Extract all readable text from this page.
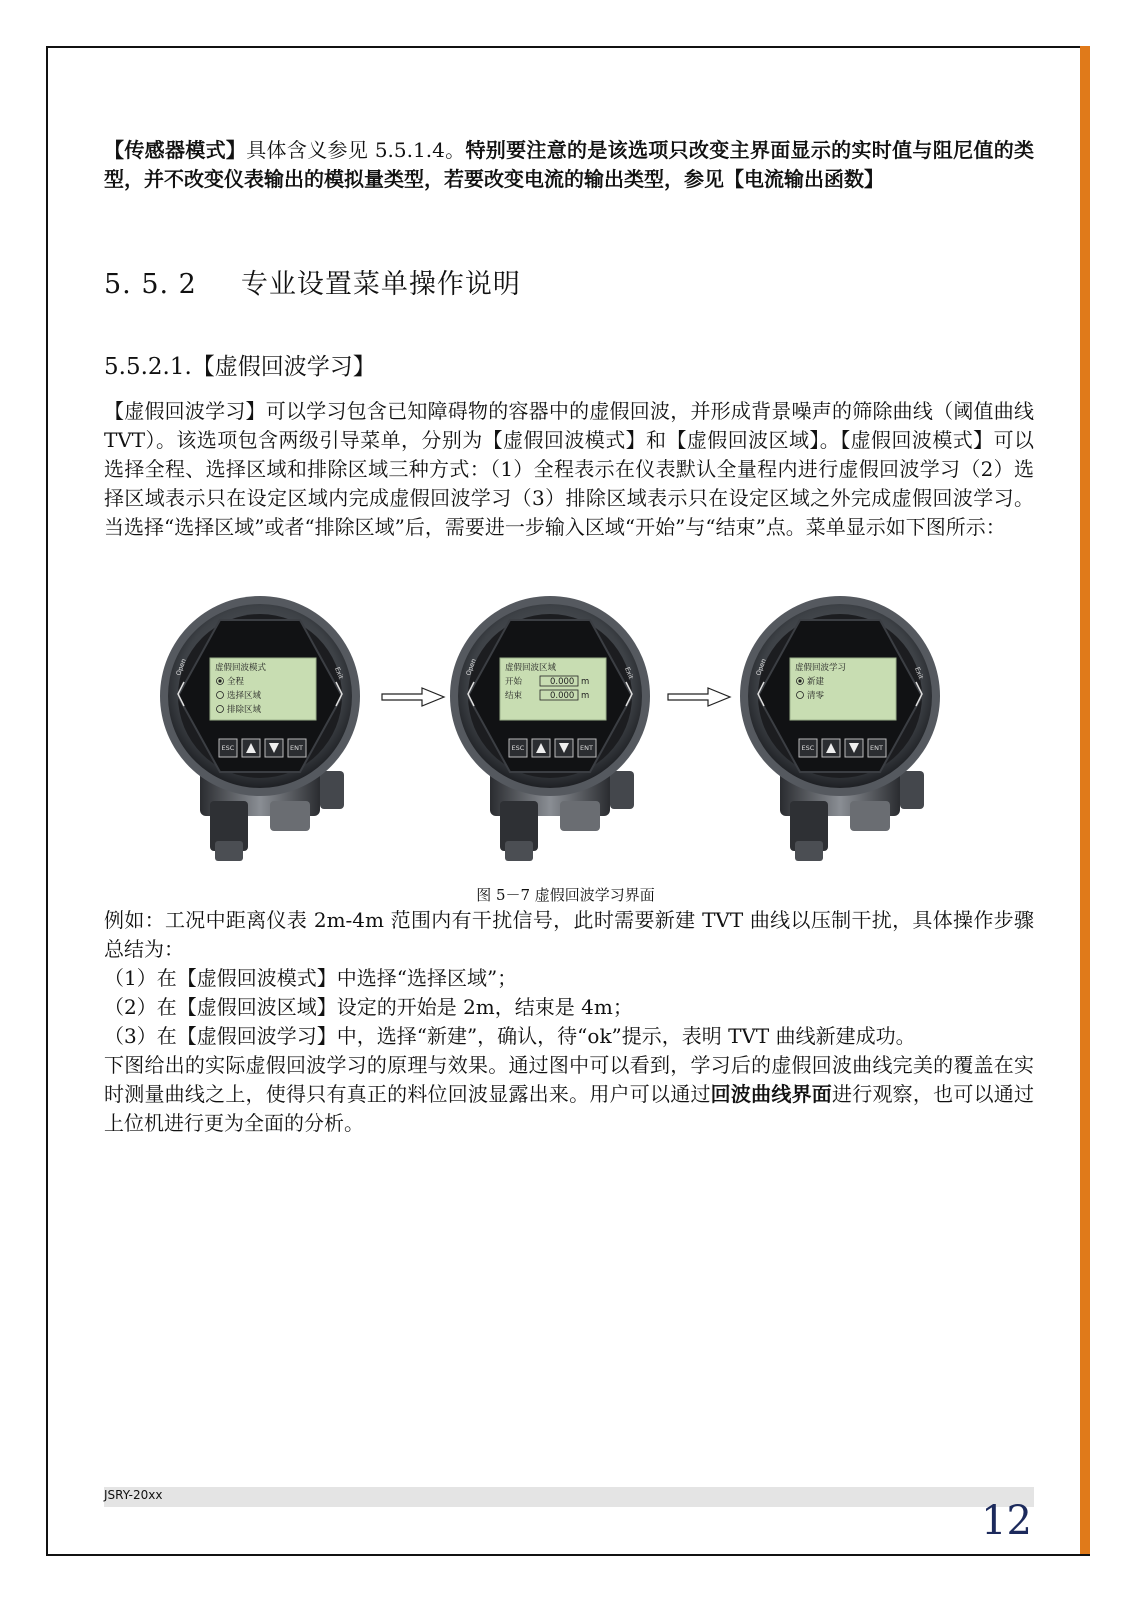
【传感器模式】具体含义参见 5.5.1.4。特别要注意的是该选项只改变主界面显示的实时值与阻尼值的类型，并不改变仪表输出的模拟量类型，若要改变电流的输出类型，参见【电流输出函数】

5. 5. 2 专业设置菜单操作说明
5.5.2.1.【虚假回波学习】

【虚假回波学习】可以学习包含已知障碍物的容器中的虚假回波，并形成背景噪声的筛除曲线（阈值曲线 TVT）。该选项包含两级引导菜单，分别为【虚假回波模式】和【虚假回波区域】。【虚假回波模式】可以选择全程、选择区域和排除区域三种方式：（1）全程表示在仪表默认全量程内进行虚假回波学习（2）选择区域表示只在设定区域内完成虚假回波学习（3）排除区域表示只在设定区域之外完成虚假回波学习。当选择“选择区域”或者“排除区域”后，需要进一步输入区域“开始”与“结束”点。菜单显示如下图所示：

虚假回波模式
全程
选择区域
排除区域
ESC	ENT
Open	Exit	虚假回波区域
开始	0.000 m
结束	0.000 m
ESC	ENT
Open	Exit	虚假回波学习
新建
清零
ESC	ENT
Open	Exit
图 5－7 虚假回波学习界面

例如：工况中距离仪表 2m-4m 范围内有干扰信号，此时需要新建 TVT 曲线以压制干扰，具体操作步骤总结为：

（1）在【虚假回波模式】中选择“选择区域”；

（2）在【虚假回波区域】设定的开始是 2m，结束是 4m；

（3）在【虚假回波学习】中，选择“新建”，确认，待“ok”提示，表明 TVT 曲线新建成功。

下图给出的实际虚假回波学习的原理与效果。通过图中可以看到，学习后的虚假回波曲线完美的覆盖在实时测量曲线之上，使得只有真正的料位回波显露出来。用户可以通过回波曲线界面进行观察，也可以通过上位机进行更为全面的分析。

JSRY-20xx
12
